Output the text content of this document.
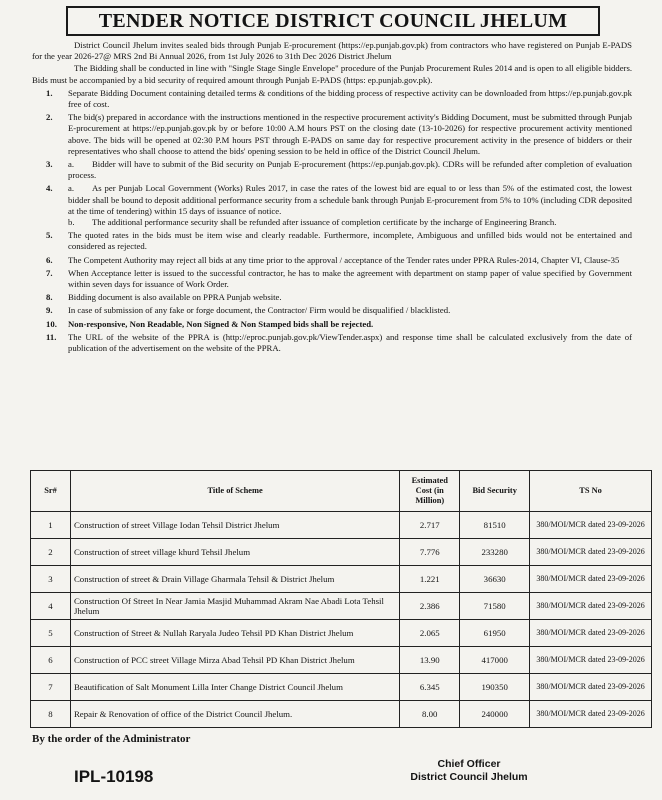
TENDER NOTICE DISTRICT COUNCIL JHELUM

District Council Jhelum invites sealed bids through Punjab E-procurement (https://ep.punjab.gov.pk) from contractors who have registered on Punjab E-PADS for the year 2026-27@ MRS 2nd Bi Annual 2026, from 1st July 2026 to 31th Dec 2026 District Jhelum

The Bidding shall be conducted in line with "Single Stage Single Envelope" procedure of the Punjab Procurement Rules 2014 and is open to all eligible bidders. Bids must be accompanied by a bid security of required amount through Punjab E-PADS (https: ep.punjab.gov.pk).

1. Separate Bidding Document containing detailed terms & conditions of the bidding process of respective activity can be downloaded from https://ep.punjab.gov.pk free of cost.
2. The bid(s) prepared in accordance with the instructions mentioned in the respective procurement activity's Bidding Document, must be submitted through Punjab E-procurement at https://ep.punjab.gov.pk by or before 10:00 A.M hours PST on the closing date (13-10-2026) for respective procurement activity mentioned above. The bids will be opened at 02:30 P.M hours PST through E-PADS on same day for respective procurement activity in the presence of bidders or their representatives who shall choose to attend the bids' opening session to be held in office of the District Council Jhelum.
3. a. Bidder will have to submit of the Bid security on Punjab E-procurement (https://ep.punjab.gov.pk). CDRs will be refunded after completion of evaluation process.
4. a. As per Punjab Local Government (Works) Rules 2017, in case the rates of the lowest bid are equal to or less than 5% of the estimated cost, the lowest bidder shall be bound to deposit additional performance security from a schedule bank through Punjab E-procurement from 5% to 10% (including CDR deposited at the time of tendering) within 15 days of issuance of notice.
b. The additional performance security shall be refunded after issuance of completion certificate by the incharge of Engineering Branch.
5. The quoted rates in the bids must be item wise and clearly readable. Furthermore, incomplete, Ambiguous and unfilled bids would not be entertained and considered as rejected.
6. The Competent Authority may reject all bids at any time prior to the approval / acceptance of the Tender rates under PPRA Rules-2014, Chapter VI, Clause-35
7. When Acceptance letter is issued to the successful contractor, he has to make the agreement with department on stamp paper of value specified by Government within seven days for issuance of Work Order.
8. Bidding document is also available on PPRA Punjab website.
9. In case of submission of any fake or forge document, the Contractor/ Firm would be disqualified / blacklisted.
10. Non-responsive, Non Readable, Non Signed & Non Stamped bids shall be rejected.
11. The URL of the website of the PPRA is (http://eproc.punjab.gov.pk/ViewTender.aspx) and response time shall be calculated exclusively from the date of publication of the advertisement on the website of the PPRA.
Sr#	Title of Scheme	Estimated Cost (in Million)	Bid Security	TS No
1	Construction of street Village Iodan Tehsil District Jhelum	2.717	81510	380/MOI/MCR dated 23-09-2026
2	Construction of street village khurd Tehsil Jhelum	7.776	233280	380/MOI/MCR dated 23-09-2026
3	Construction of street & Drain Village Gharmala Tehsil & District Jhelum	1.221	36630	380/MOI/MCR dated 23-09-2026
4	Construction Of Street In Near Jamia Masjid Muhammad Akram Nae Abadi Lota Tehsil Jhelum	2.386	71580	380/MOI/MCR dated 23-09-2026
5	Construction of Street & Nullah Raryala Judeo Tehsil PD Khan District Jhelum	2.065	61950	380/MOI/MCR dated 23-09-2026
6	Construction of PCC street Village Mirza Abad Tehsil PD Khan District Jhelum	13.90	417000	380/MOI/MCR dated 23-09-2026
7	Beautification of Salt Monument Lilla Inter Change District Council Jhelum	6.345	190350	380/MOI/MCR dated 23-09-2026
8	Repair & Renovation of office of the District Council Jhelum.	8.00	240000	380/MOI/MCR dated 23-09-2026
By the order of the Administrator
IPL-10198
Chief Officer
District Council Jhelum
